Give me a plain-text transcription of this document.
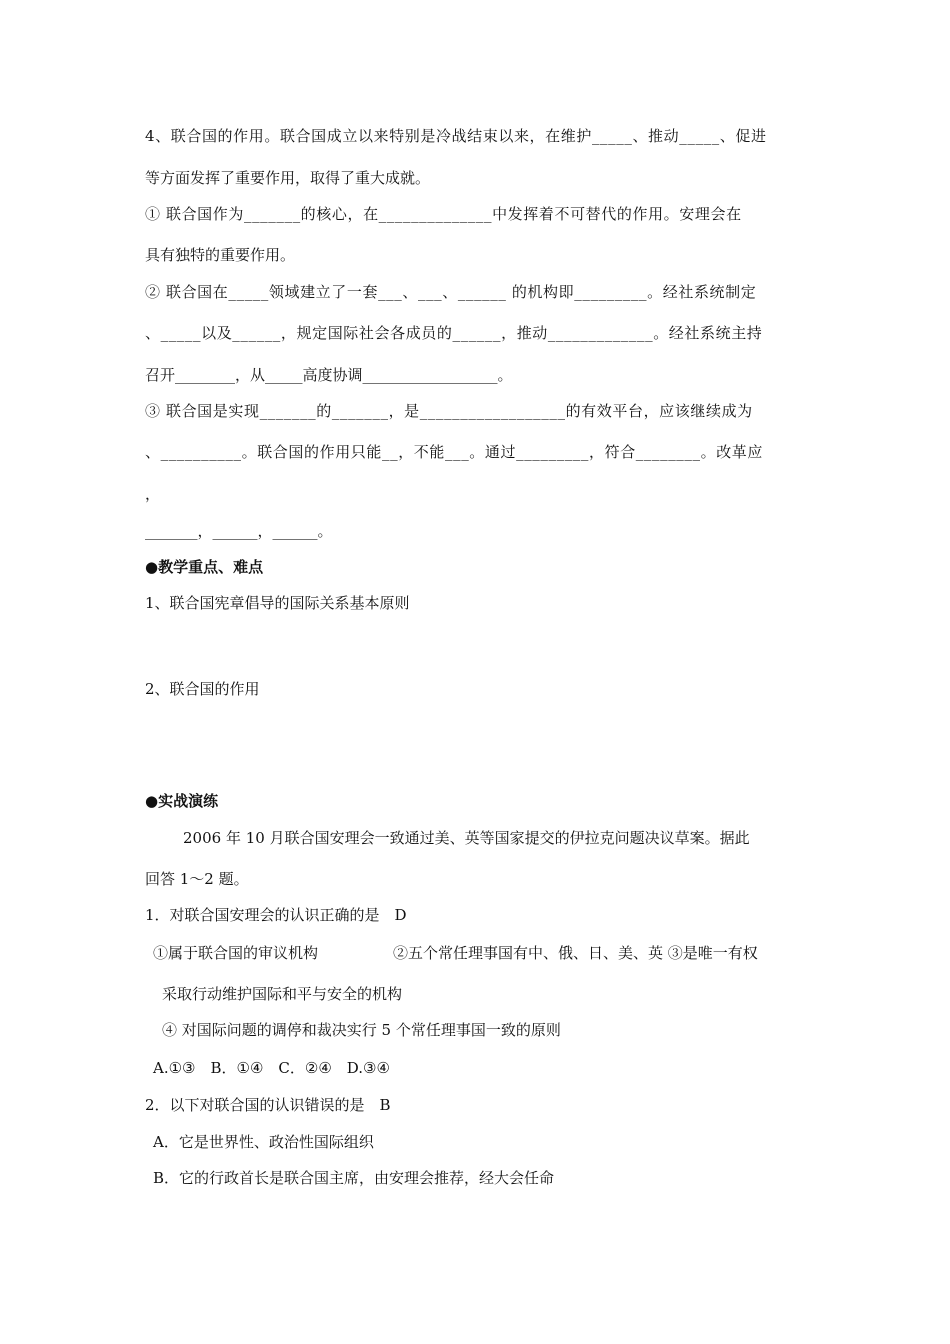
4、联合国的作用。联合国成立以来特别是冷战结束以来，在维护_____、推动_____、促进
等方面发挥了重要作用，取得了重大成就。
① 联合国作为_______的核心，在______________中发挥着不可替代的作用。安理会在
具有独特的重要作用。
② 联合国在_____领域建立了一套___、___、______ 的机构即_________。经社系统制定
、_____以及______，规定国际社会各成员的______，推动_____________。经社系统主持
召开________，从_____高度协调__________________。
③ 联合国是实现_______的_______，是__________________的有效平台，应该继续成为
、__________。联合国的作用只能__，不能___。通过_________，符合________。改革应
，
_______，______，______。
●教学重点、难点
1、联合国宪章倡导的国际关系基本原则
2、联合国的作用
●实战演练
2006 年 10 月联合国安理会一致通过美、英等国家提交的伊拉克问题决议草案。据此
回答 1～2 题。
1．对联合国安理会的认识正确的是　D
①属于联合国的审议机构	②五个常任理事国有中、俄、日、美、英 ③是唯一有权
采取行动维护国际和平与安全的机构
④ 对国际问题的调停和裁决实行 5 个常任理事国一致的原则
A.①③　B．①④　C．②④　D.③④
2．以下对联合国的认识错误的是　B
A．它是世界性、政治性国际组织
B．它的行政首长是联合国主席，由安理会推荐，经大会任命
